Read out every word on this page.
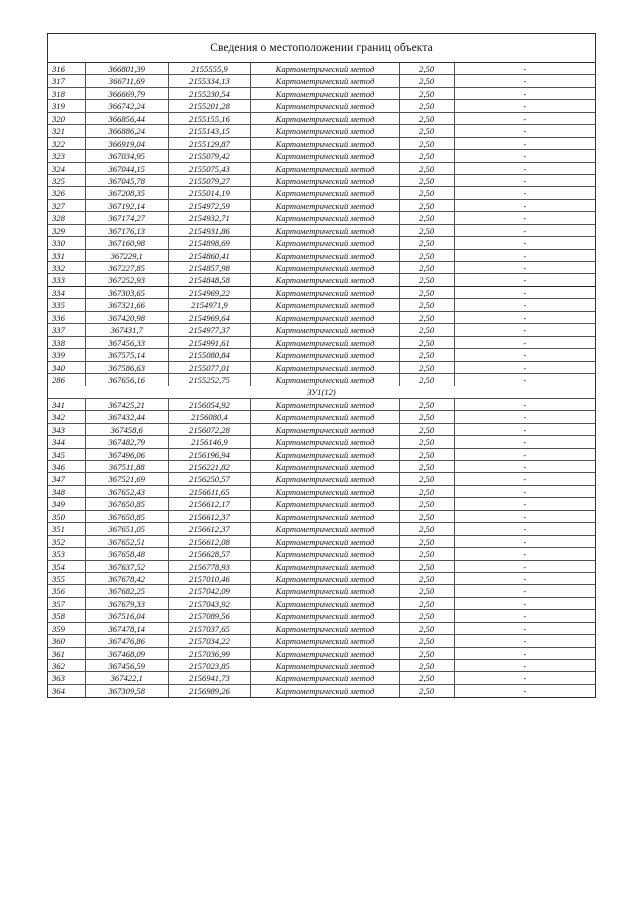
Сведения о местоположении границ объекта
316	366801,39	2155555,9	Картометрический метод	2,50	-
317	366711,69	2155334,13	Картометрический метод	2,50	-
318	366669,79	2155230,54	Картометрический метод	2,50	-
319	366742,24	2155201,28	Картометрический метод	2,50	-
320	366856,44	2155155,16	Картометрический метод	2,50	-
321	366886,24	2155143,15	Картометрический метод	2,50	-
322	366919,04	2155129,87	Картометрический метод	2,50	-
323	367034,95	2155079,42	Картометрический метод	2,50	-
324	367044,15	2155075,43	Картометрический метод	2,50	-
325	367045,78	2155079,27	Картометрический метод	2,50	-
326	367208,35	2155014,19	Картометрический метод	2,50	-
327	367192,14	2154972,59	Картометрический метод	2,50	-
328	367174,27	2154932,71	Картометрический метод	2,50	-
329	367176,13	2154931,86	Картометрический метод	2,50	-
330	367160,98	2154898,69	Картометрический метод	2,50	-
331	367229,1	2154860,41	Картометрический метод	2,50	-
332	367227,85	2154857,98	Картометрический метод	2,50	-
333	367252,93	2154848,58	Картометрический метод	2,50	-
334	367303,65	2154969,22	Картометрический метод	2,50	-
335	367321,66	2154971,9	Картометрический метод	2,50	-
336	367420,98	2154969,64	Картометрический метод	2,50	-
337	367431,7	2154977,37	Картометрический метод	2,50	-
338	367456,33	2154991,61	Картометрический метод	2,50	-
339	367575,14	2155080,84	Картометрический метод	2,50	-
340	367586,63	2155077,01	Картометрический метод	2,50	-
286	367656,16	2155252,75	Картометрический метод	2,50	-
ЗУ1(12)
341	367425,21	2156054,92	Картометрический метод	2,50	-
342	367432,44	2156080,4	Картометрический метод	2,50	-
343	367458,6	2156072,28	Картометрический метод	2,50	-
344	367482,79	2156146,9	Картометрический метод	2,50	-
345	367496,06	2156196,94	Картометрический метод	2,50	-
346	367511,88	2156221,82	Картометрический метод	2,50	-
347	367521,69	2156250,57	Картометрический метод	2,50	-
348	367652,43	2156611,65	Картометрический метод	2,50	-
349	367650,85	2156612,17	Картометрический метод	2,50	-
350	367650,85	2156612,37	Картометрический метод	2,50	-
351	367651,05	2156612,37	Картометрический метод	2,50	-
352	367652,51	2156612,08	Картометрический метод	2,50	-
353	367658,48	2156628,57	Картометрический метод	2,50	-
354	367637,52	2156778,93	Картометрический метод	2,50	-
355	367678,42	2157010,46	Картометрический метод	2,50	-
356	367682,25	2157042,09	Картометрический метод	2,50	-
357	367679,33	2157043,92	Картометрический метод	2,50	-
358	367516,04	2157089,56	Картометрический метод	2,50	-
359	367478,14	2157037,65	Картометрический метод	2,50	-
360	367476,86	2157034,22	Картометрический метод	2,50	-
361	367468,09	2157036,99	Картометрический метод	2,50	-
362	367456,59	2157023,85	Картометрический метод	2,50	-
363	367422,1	2156941,73	Картометрический метод	2,50	-
364	367309,58	2156989,26	Картометрический метод	2,50	-
